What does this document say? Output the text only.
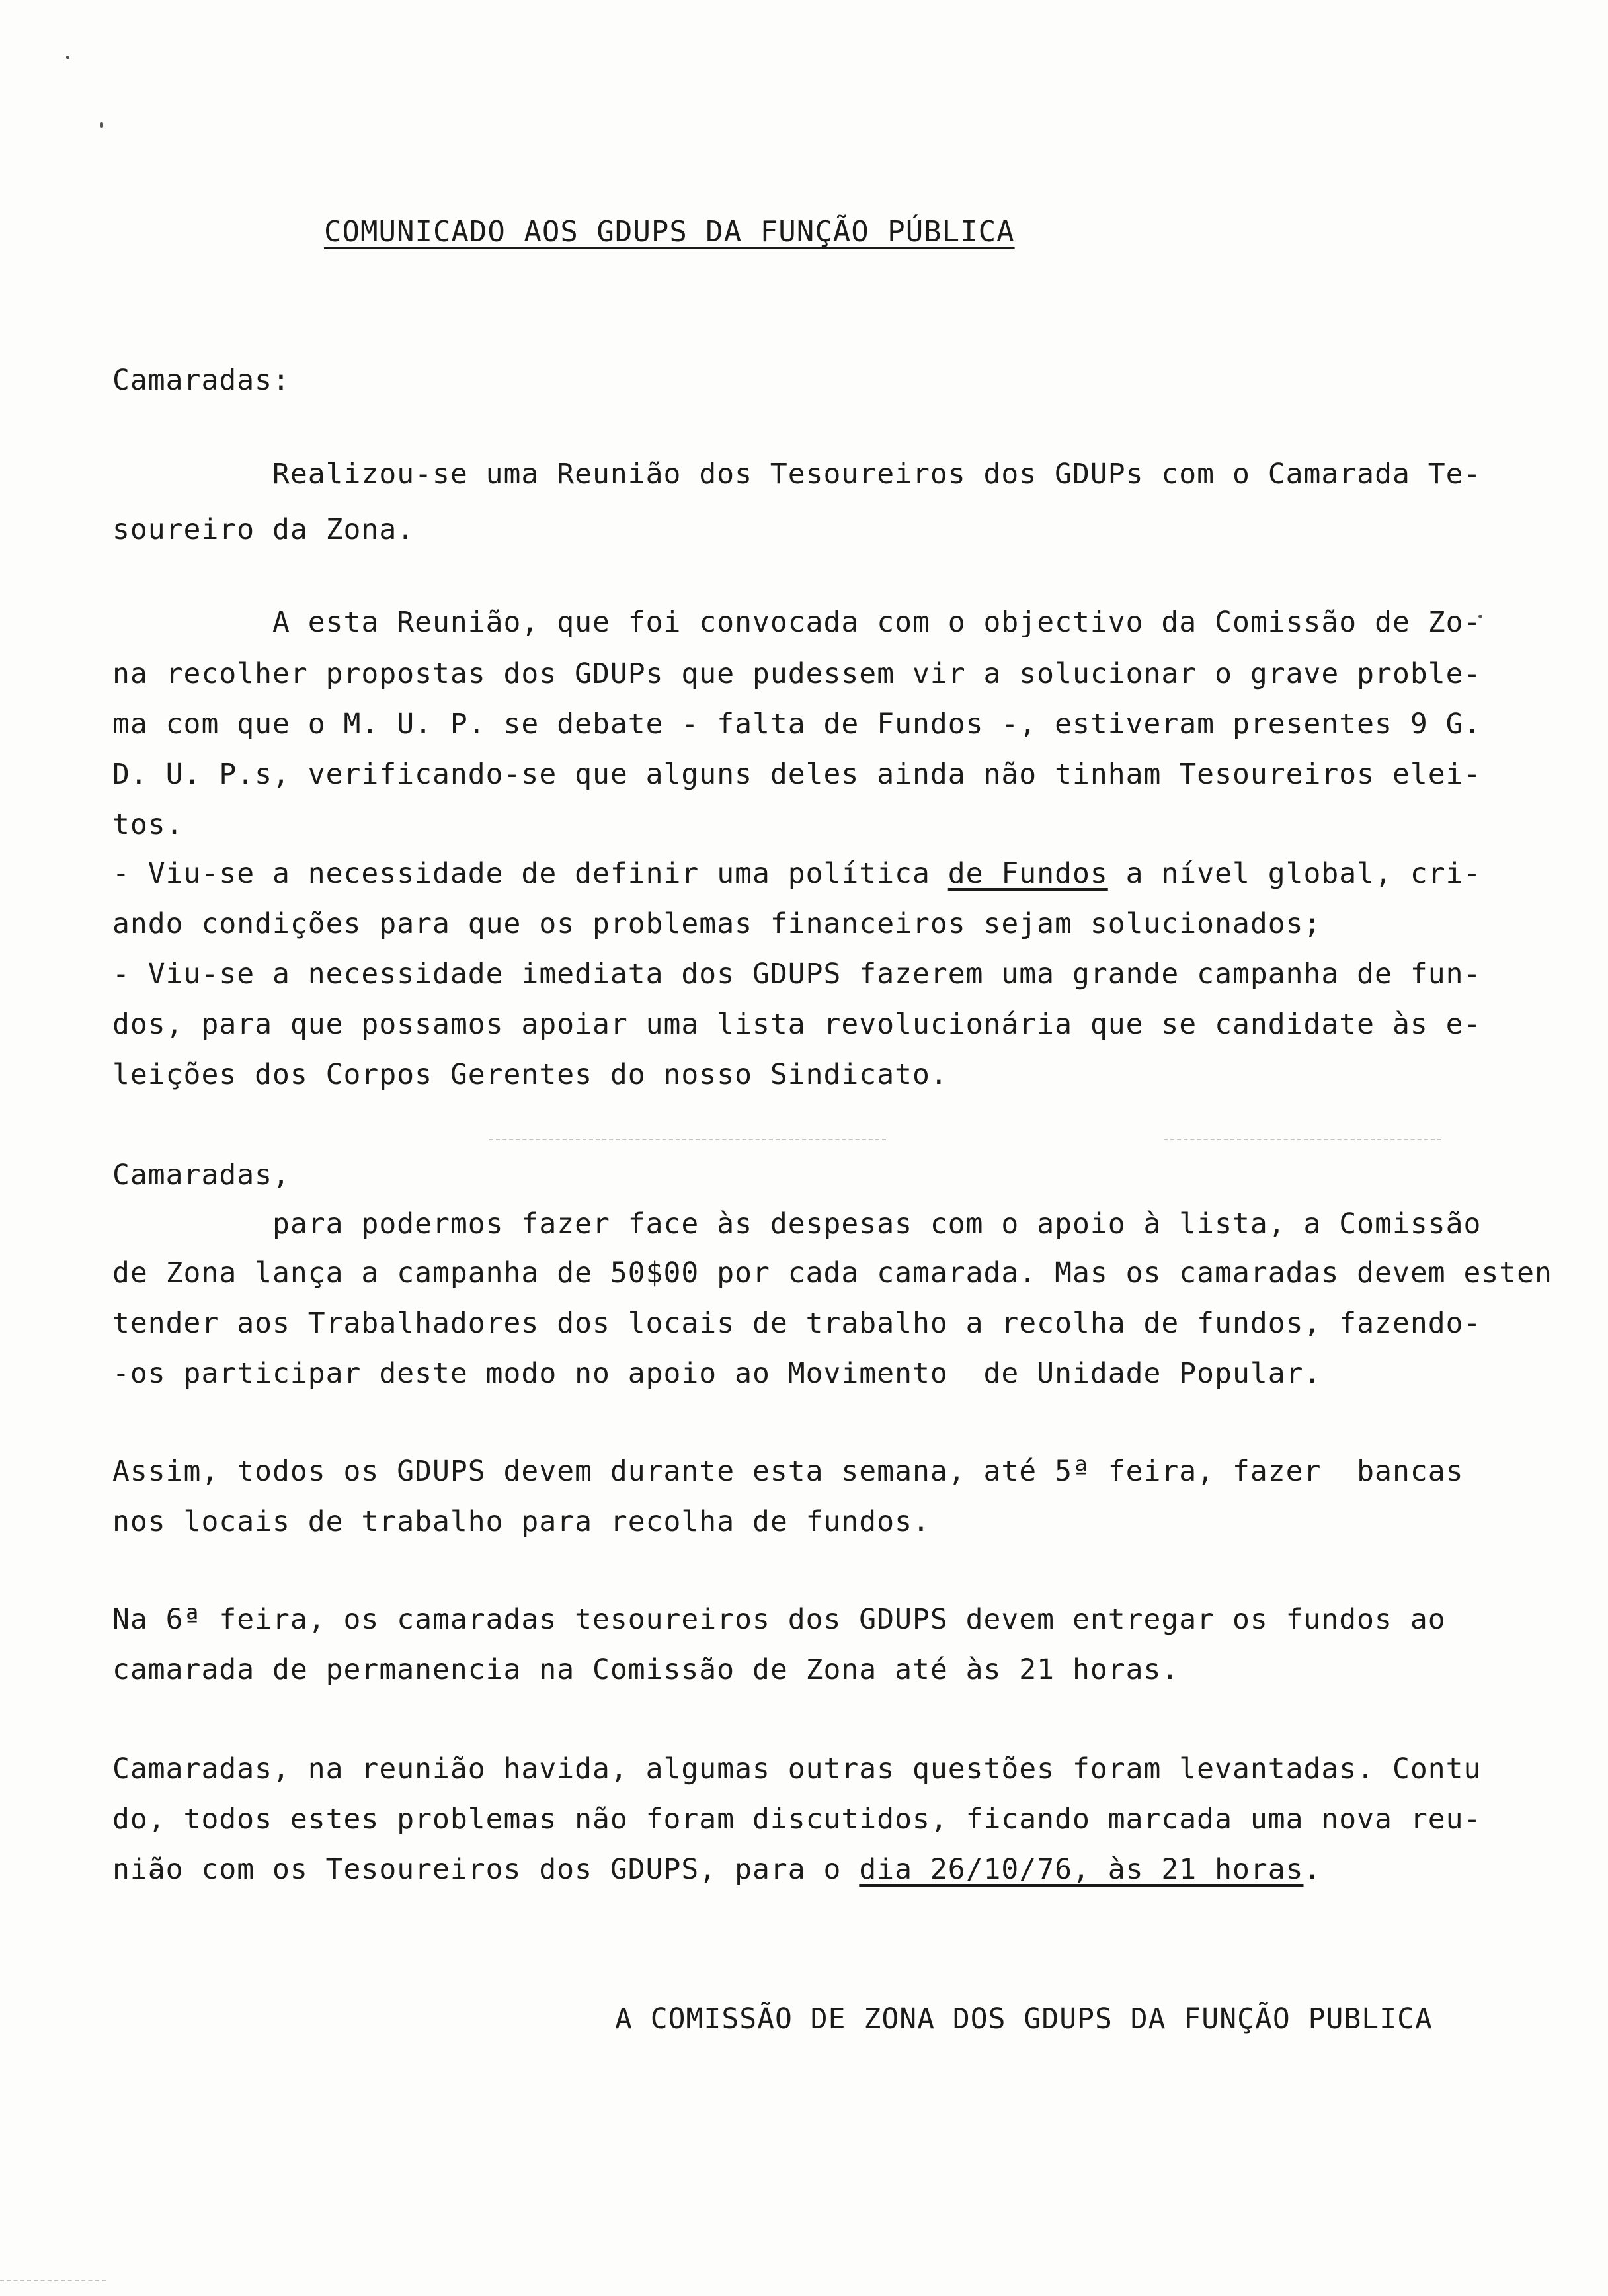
COMUNICADO AOS GDUPS DA FUNÇÃO PÚBLICA
Camaradas:
Realizou-se uma Reunião dos Tesoureiros dos GDUPs com o Camarada Te-
soureiro da Zona.
A esta Reunião, que foi convocada com o objectivo da Comissão de Zo-
na recolher propostas dos GDUPs que pudessem vir a solucionar o grave proble-
ma com que o M. U. P. se debate - falta de Fundos -, estiveram presentes 9 G.
D. U. P.s, verificando-se que alguns deles ainda não tinham Tesoureiros elei-
tos.
- Viu-se a necessidade de definir uma política de Fundos a nível global, cri-
ando condições para que os problemas financeiros sejam solucionados;
- Viu-se a necessidade imediata dos GDUPS fazerem uma grande campanha de fun-
dos, para que possamos apoiar uma lista revolucionária que se candidate às e-
leições dos Corpos Gerentes do nosso Sindicato.
Camaradas,
para podermos fazer face às despesas com o apoio à lista, a Comissão
de Zona lança a campanha de 50$00 por cada camarada. Mas os camaradas devem esten
tender aos Trabalhadores dos locais de trabalho a recolha de fundos, fazendo-
-os participar deste modo no apoio ao Movimento  de Unidade Popular.
Assim, todos os GDUPS devem durante esta semana, até 5ª feira, fazer  bancas
nos locais de trabalho para recolha de fundos.
Na 6ª feira, os camaradas tesoureiros dos GDUPS devem entregar os fundos ao
camarada de permanencia na Comissão de Zona até às 21 horas.
Camaradas, na reunião havida, algumas outras questões foram levantadas. Contu
do, todos estes problemas não foram discutidos, ficando marcada uma nova reu-
nião com os Tesoureiros dos GDUPS, para o dia 26/10/76, às 21 horas.
A COMISSÃO DE ZONA DOS GDUPS DA FUNÇÃO PUBLICA
